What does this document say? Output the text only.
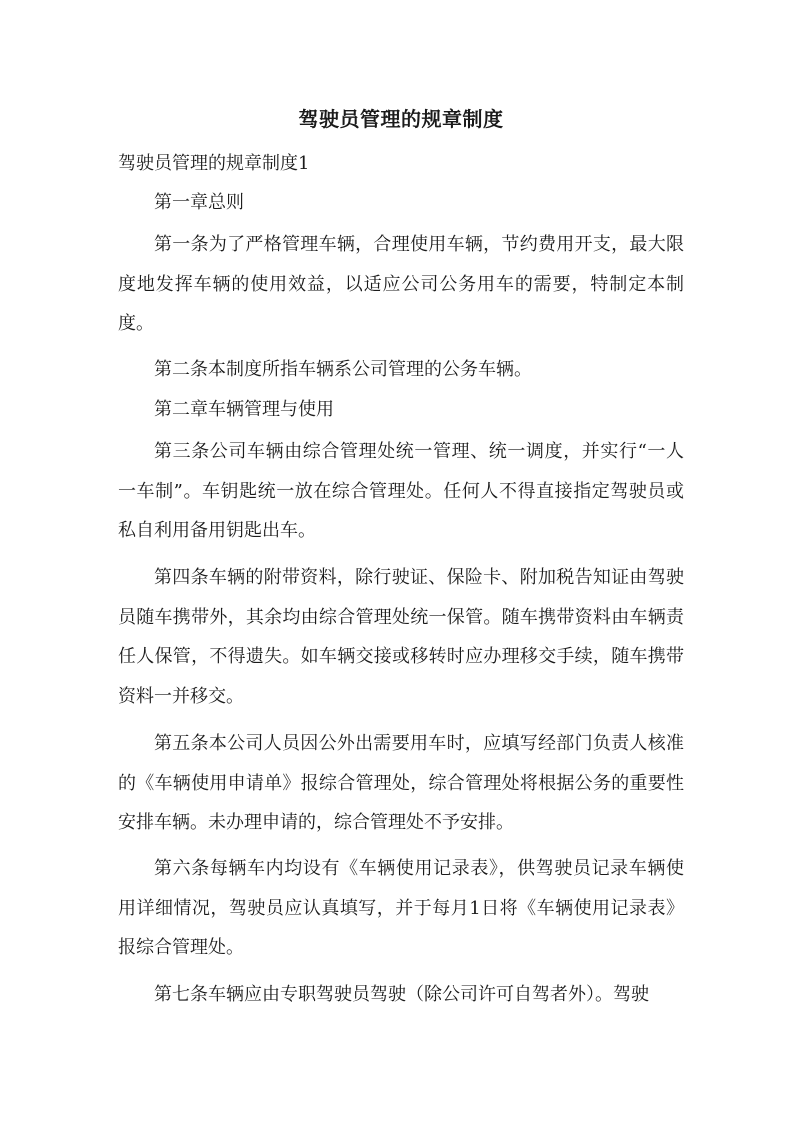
驾驶员管理的规章制度

驾驶员管理的规章制度1

第一章总则

第一条为了严格管理车辆，合理使用车辆，节约费用开支，最大限度地发挥车辆的使用效益，以适应公司公务用车的需要，特制定本制度。

第二条本制度所指车辆系公司管理的公务车辆。

第二章车辆管理与使用

第三条公司车辆由综合管理处统一管理、统一调度，并实行“一人一车制”。车钥匙统一放在综合管理处。任何人不得直接指定驾驶员或私自利用备用钥匙出车。

第四条车辆的附带资料，除行驶证、保险卡、附加税告知证由驾驶员随车携带外，其余均由综合管理处统一保管。随车携带资料由车辆责任人保管，不得遗失。如车辆交接或移转时应办理移交手续，随车携带资料一并移交。

第五条本公司人员因公外出需要用车时，应填写经部门负责人核准的《车辆使用申请单》报综合管理处，综合管理处将根据公务的重要性安排车辆。未办理申请的，综合管理处不予安排。

第六条每辆车内均设有《车辆使用记录表》，供驾驶员记录车辆使用详细情况，驾驶员应认真填写，并于每月1日将《车辆使用记录表》报综合管理处。

第七条车辆应由专职驾驶员驾驶（除公司许可自驾者外）。驾驶
